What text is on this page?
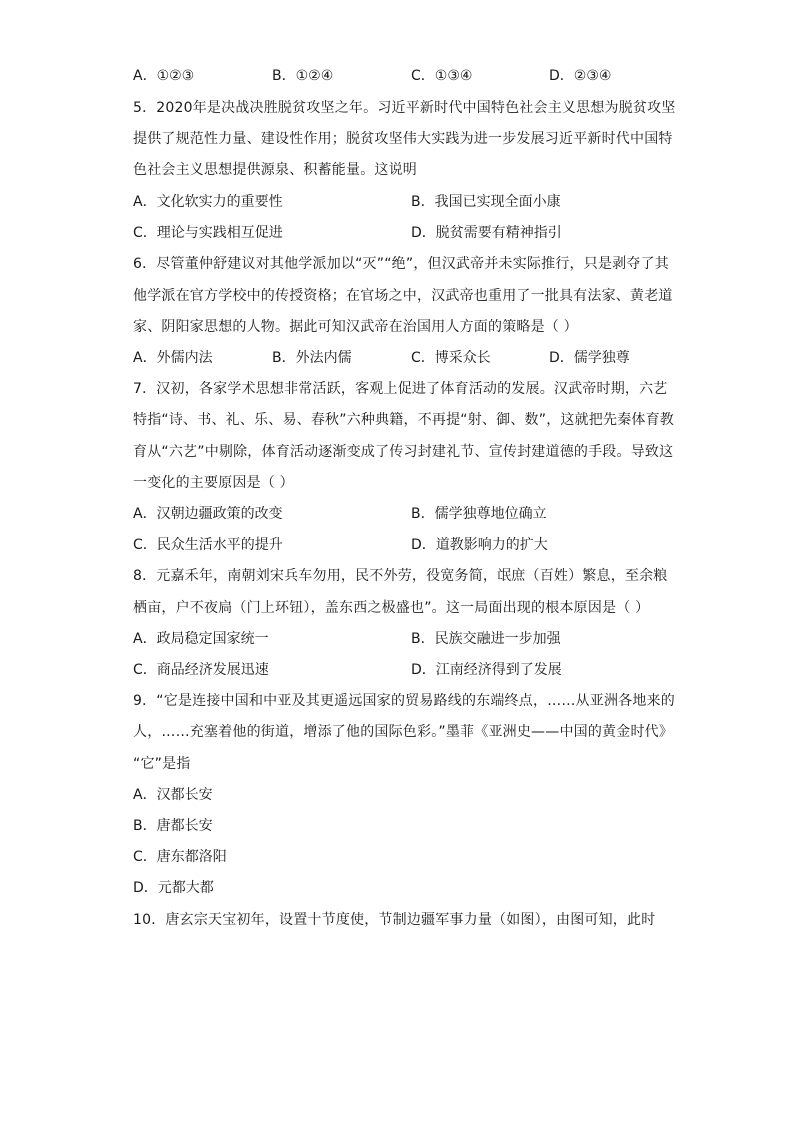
A．①②③	B．①②④	C．①③④	D．②③④
5．2020年是决战决胜脱贫攻坚之年。习近平新时代中国特色社会主义思想为脱贫攻坚
提供了规范性力量、建设性作用；脱贫攻坚伟大实践为进一步发展习近平新时代中国特
色社会主义思想提供源泉、积蓄能量。这说明
A．文化软实力的重要性	B．我国已实现全面小康
C．理论与实践相互促进	D．脱贫需要有精神指引
6．尽管董仲舒建议对其他学派加以“灭”“绝”，但汉武帝并未实际推行，只是剥夺了其
他学派在官方学校中的传授资格；在官场之中，汉武帝也重用了一批具有法家、黄老道
家、阴阳家思想的人物。据此可知汉武帝在治国用人方面的策略是（ ）
A．外儒内法	B．外法内儒	C．博采众长	D．儒学独尊
7．汉初，各家学术思想非常活跃，客观上促进了体育活动的发展。汉武帝时期，六艺
特指“诗、书、礼、乐、易、春秋”六种典籍，不再提“射、御、数”，这就把先秦体育教
育从“六艺”中剔除，体育活动逐渐变成了传习封建礼节、宣传封建道德的手段。导致这
一变化的主要原因是（ ）
A．汉朝边疆政策的改变	B．儒学独尊地位确立
C．民众生活水平的提升	D．道教影响力的扩大
8．元嘉禾年，南朝刘宋兵车勿用，民不外劳，役宽务简，氓庶（百姓）繁息，至余粮
栖亩，户不夜扃（门上环钮），盖东西之极盛也”。这一局面出现的根本原因是（ ）
A．政局稳定国家统一	B．民族交融进一步加强
C．商品经济发展迅速	D．江南经济得到了发展
9．“它是连接中国和中亚及其更遥远国家的贸易路线的东端终点，……从亚洲各地来的
人，……充塞着他的街道，增添了他的国际色彩。”墨菲《亚洲史——中国的黄金时代》
“它”是指
A．汉都长安
B．唐都长安
C．唐东都洛阳
D．元都大都
10．唐玄宗天宝初年，设置十节度使，节制边疆军事力量（如图），由图可知，此时
